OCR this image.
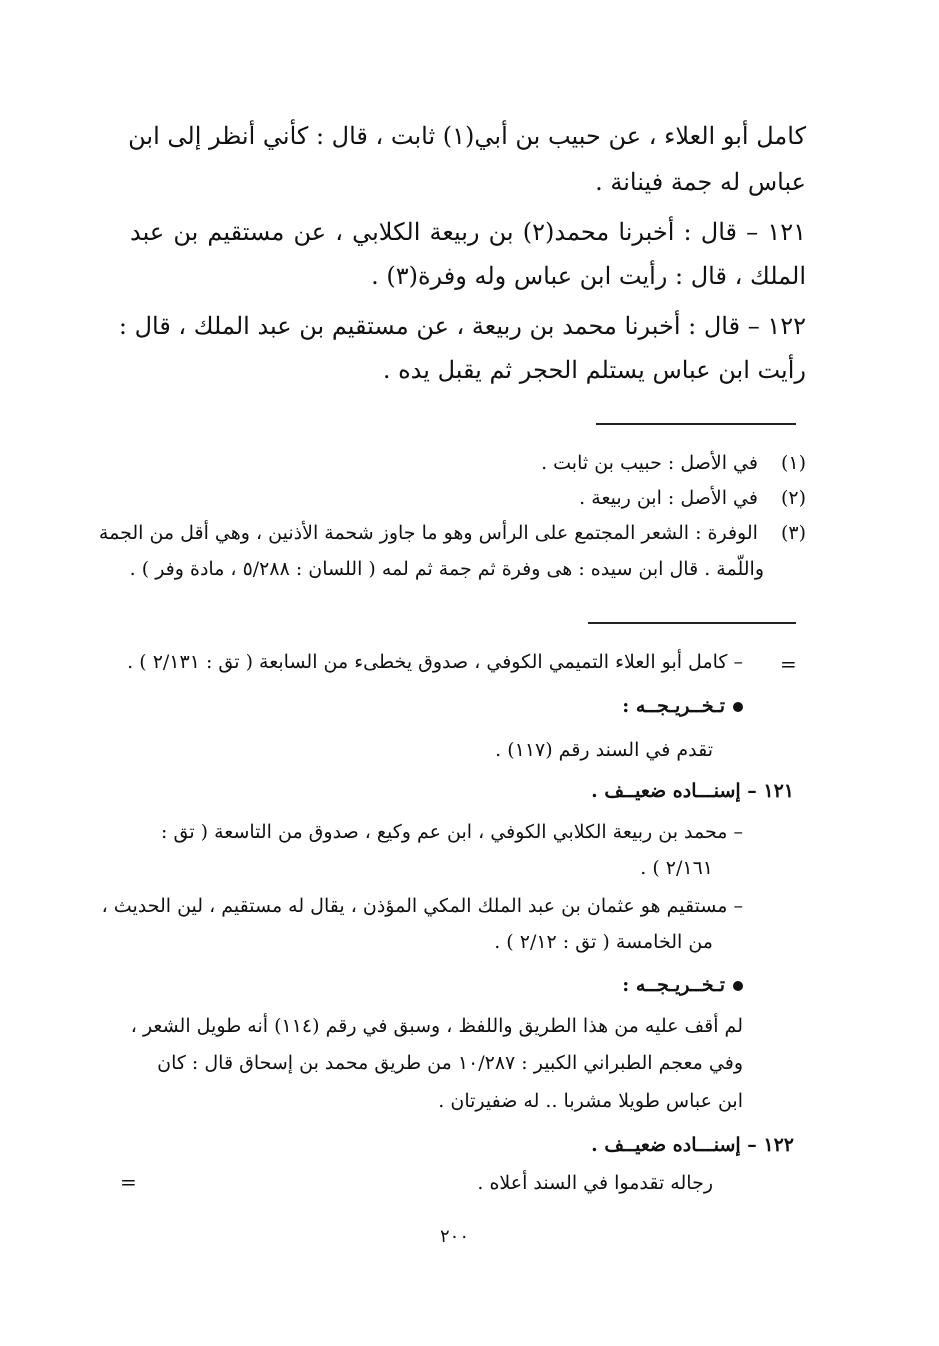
كامل أبو العلاء ، عن حبيب بن أبي(١) ثابت ، قال : كأني أنظر إلى ابن
عباس له جمة فينانة .
١٢١ – قال : أخبرنا محمد(٢) بن ربيعة الكلابي ، عن مستقيم بن عبد
الملك ، قال : رأيت ابن عباس وله وفرة(٣) .
١٢٢ – قال : أخبرنا محمد بن ربيعة ، عن مستقيم بن عبد الملك ، قال :
رأيت ابن عباس يستلم الحجر ثم يقبل يده .
(١) في الأصل : حبيب بن ثابت .
(٢) في الأصل : ابن ربيعة .
(٣) الوفرة : الشعر المجتمع على الرأس وهو ما جاوز شحمة الأذنين ، وهي أقل من الجمة
واللّمة . قال ابن سيده : هى وفرة ثم جمة ثم لمه ( اللسان : ٥/٢٨٨ ، مادة وفر ) .
=
– كامل أبو العلاء التميمي الكوفي ، صدوق يخطىء من السابعة ( تق : ٢/١٣١ ) .
تـخــريـجــه :
تقدم في السند رقم (١١٧) .
١٢١ – إسنـــاده ضعيــف .
– محمد بن ربيعة الكلابي الكوفي ، ابن عم وكيع ، صدوق من التاسعة ( تق :
٢/١٦١ ) .
– مستقيم هو عثمان بن عبد الملك المكي المؤذن ، يقال له مستقيم ، لين الحديث ،
من الخامسة ( تق : ٢/١٢ ) .
تـخــريـجــه :
لم أقف عليه من هذا الطريق واللفظ ، وسبق في رقم (١١٤) أنه طويل الشعر ،
وفي معجم الطبراني الكبير : ١٠/٢٨٧ من طريق محمد بن إسحاق قال : كان
ابن عباس طويلا مشربا .. له ضفيرتان .
١٢٢ – إسنـــاده ضعيــف .
رجاله تقدموا في السند أعلاه .
=
٢٠٠
